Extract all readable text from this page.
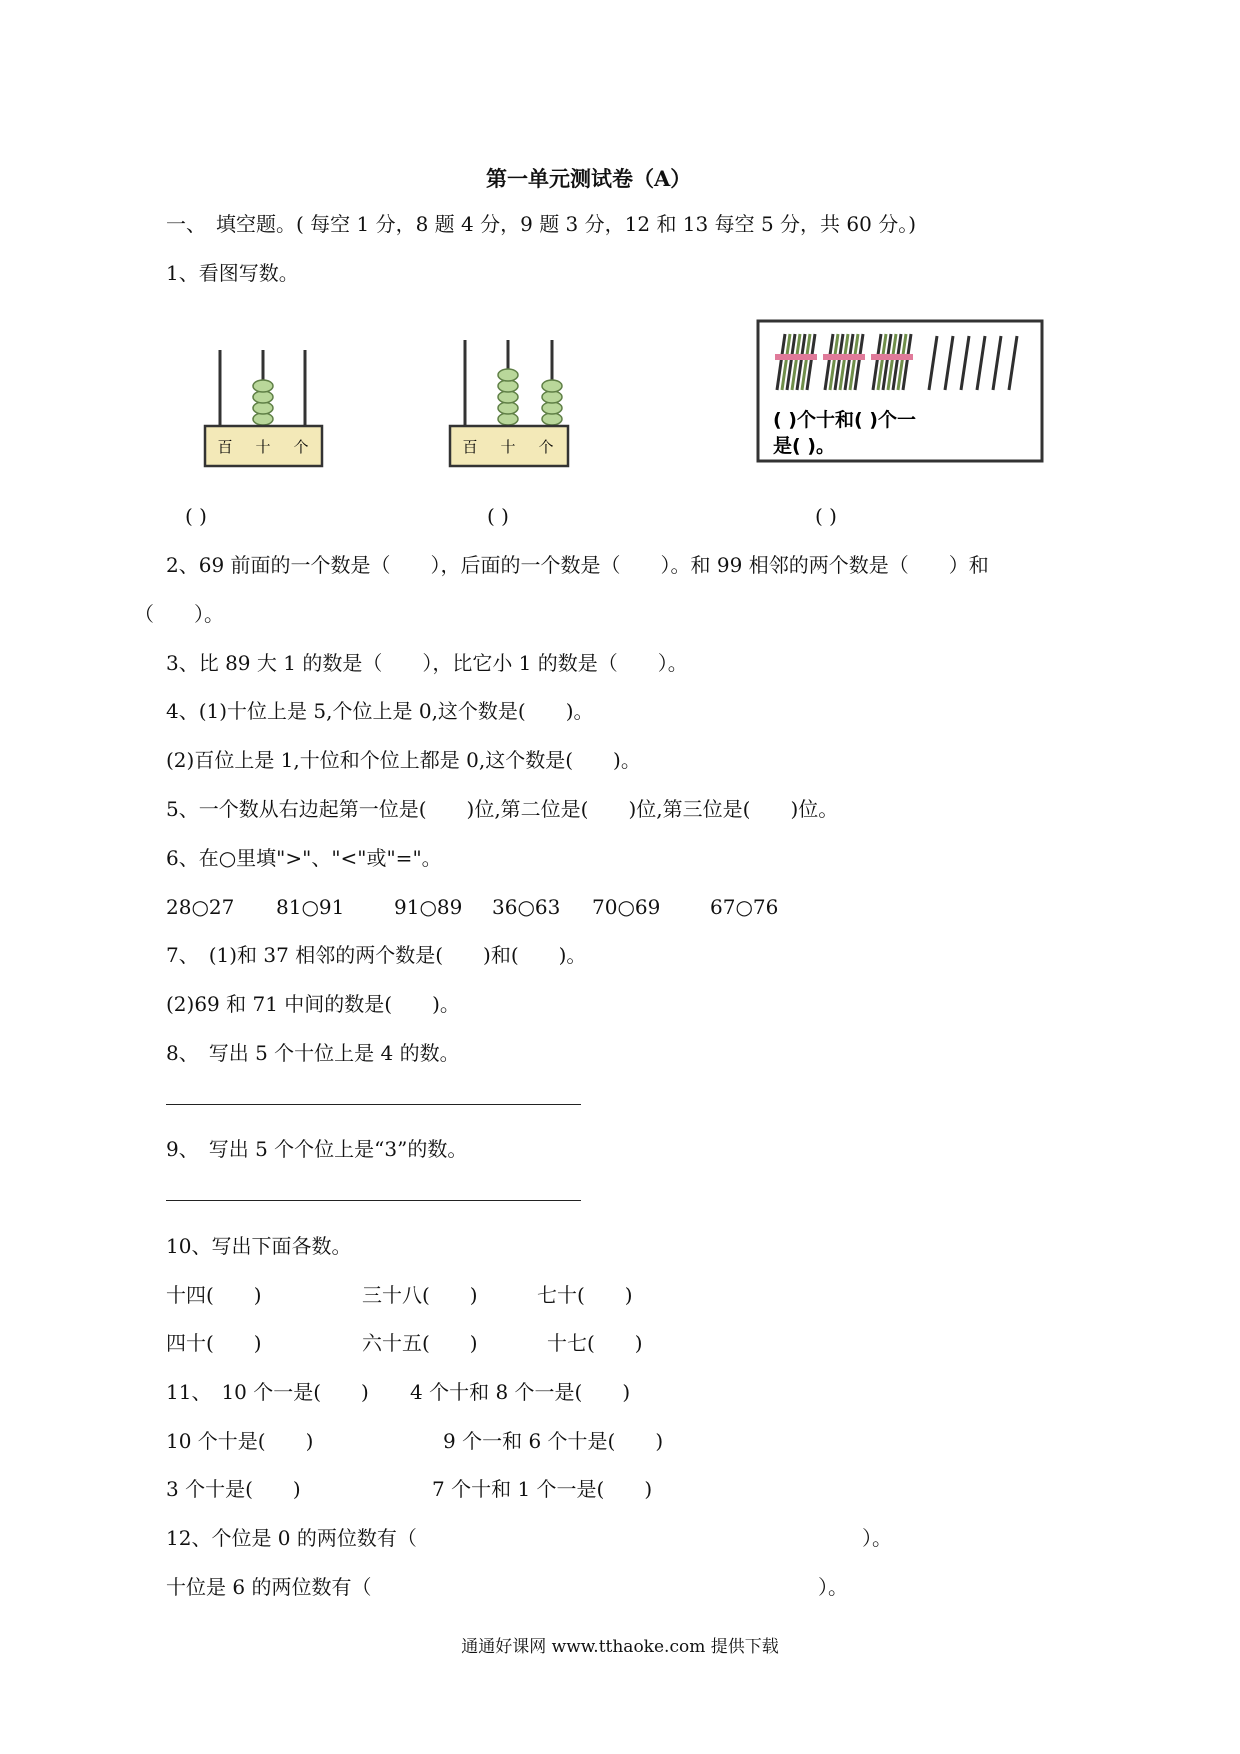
第一单元测试卷（A）
一、　填空题。( 每空 1 分，8 题 4 分，9 题 3 分，12 和 13 每空 5 分，共 60 分。)
1、看图写数。
百 十 个	百 十 个
( )个十和( )个一
是( )。
( )	( )	( )
2、69 前面的一个数是（　　），后面的一个数是（　　）。和 99 相邻的两个数是（　　）和
（　　）。
3、比 89 大 1 的数是（　　），比它小 1 的数是（　　）。
4、(1)十位上是 5,个位上是 0,这个数是(　　)。
(2)百位上是 1,十位和个位上都是 0,这个数是(　　)。
5、一个数从右边起第一位是(　　)位,第二位是(　　)位,第三位是(　　)位。
6、在○里填">"、"<"或"="。
28○27 81○91 91○89 36○63 70○69 67○76
7、　(1)和 37 相邻的两个数是(　　)和(　　)。
(2)69 和 71 中间的数是(　　)。
8、　写出 5 个十位上是 4 的数。
9、　写出 5 个个位上是“3”的数。
10、写出下面各数。
十四(　　)	三十八(　　)	七十(　　)
四十(　　)	六十五(　　)	十七(　　)
11、　10 个一是(　　) 4 个十和 8 个一是(　　)
10 个十是(　　)	9 个一和 6 个十是(　　)
3 个十是(　　)	7 个十和 1 个一是(　　)
12、个位是 0 的两位数有（	）。
十位是 6 的两位数有（	）。
通通好课网 www.tthaoke.com 提供下载
